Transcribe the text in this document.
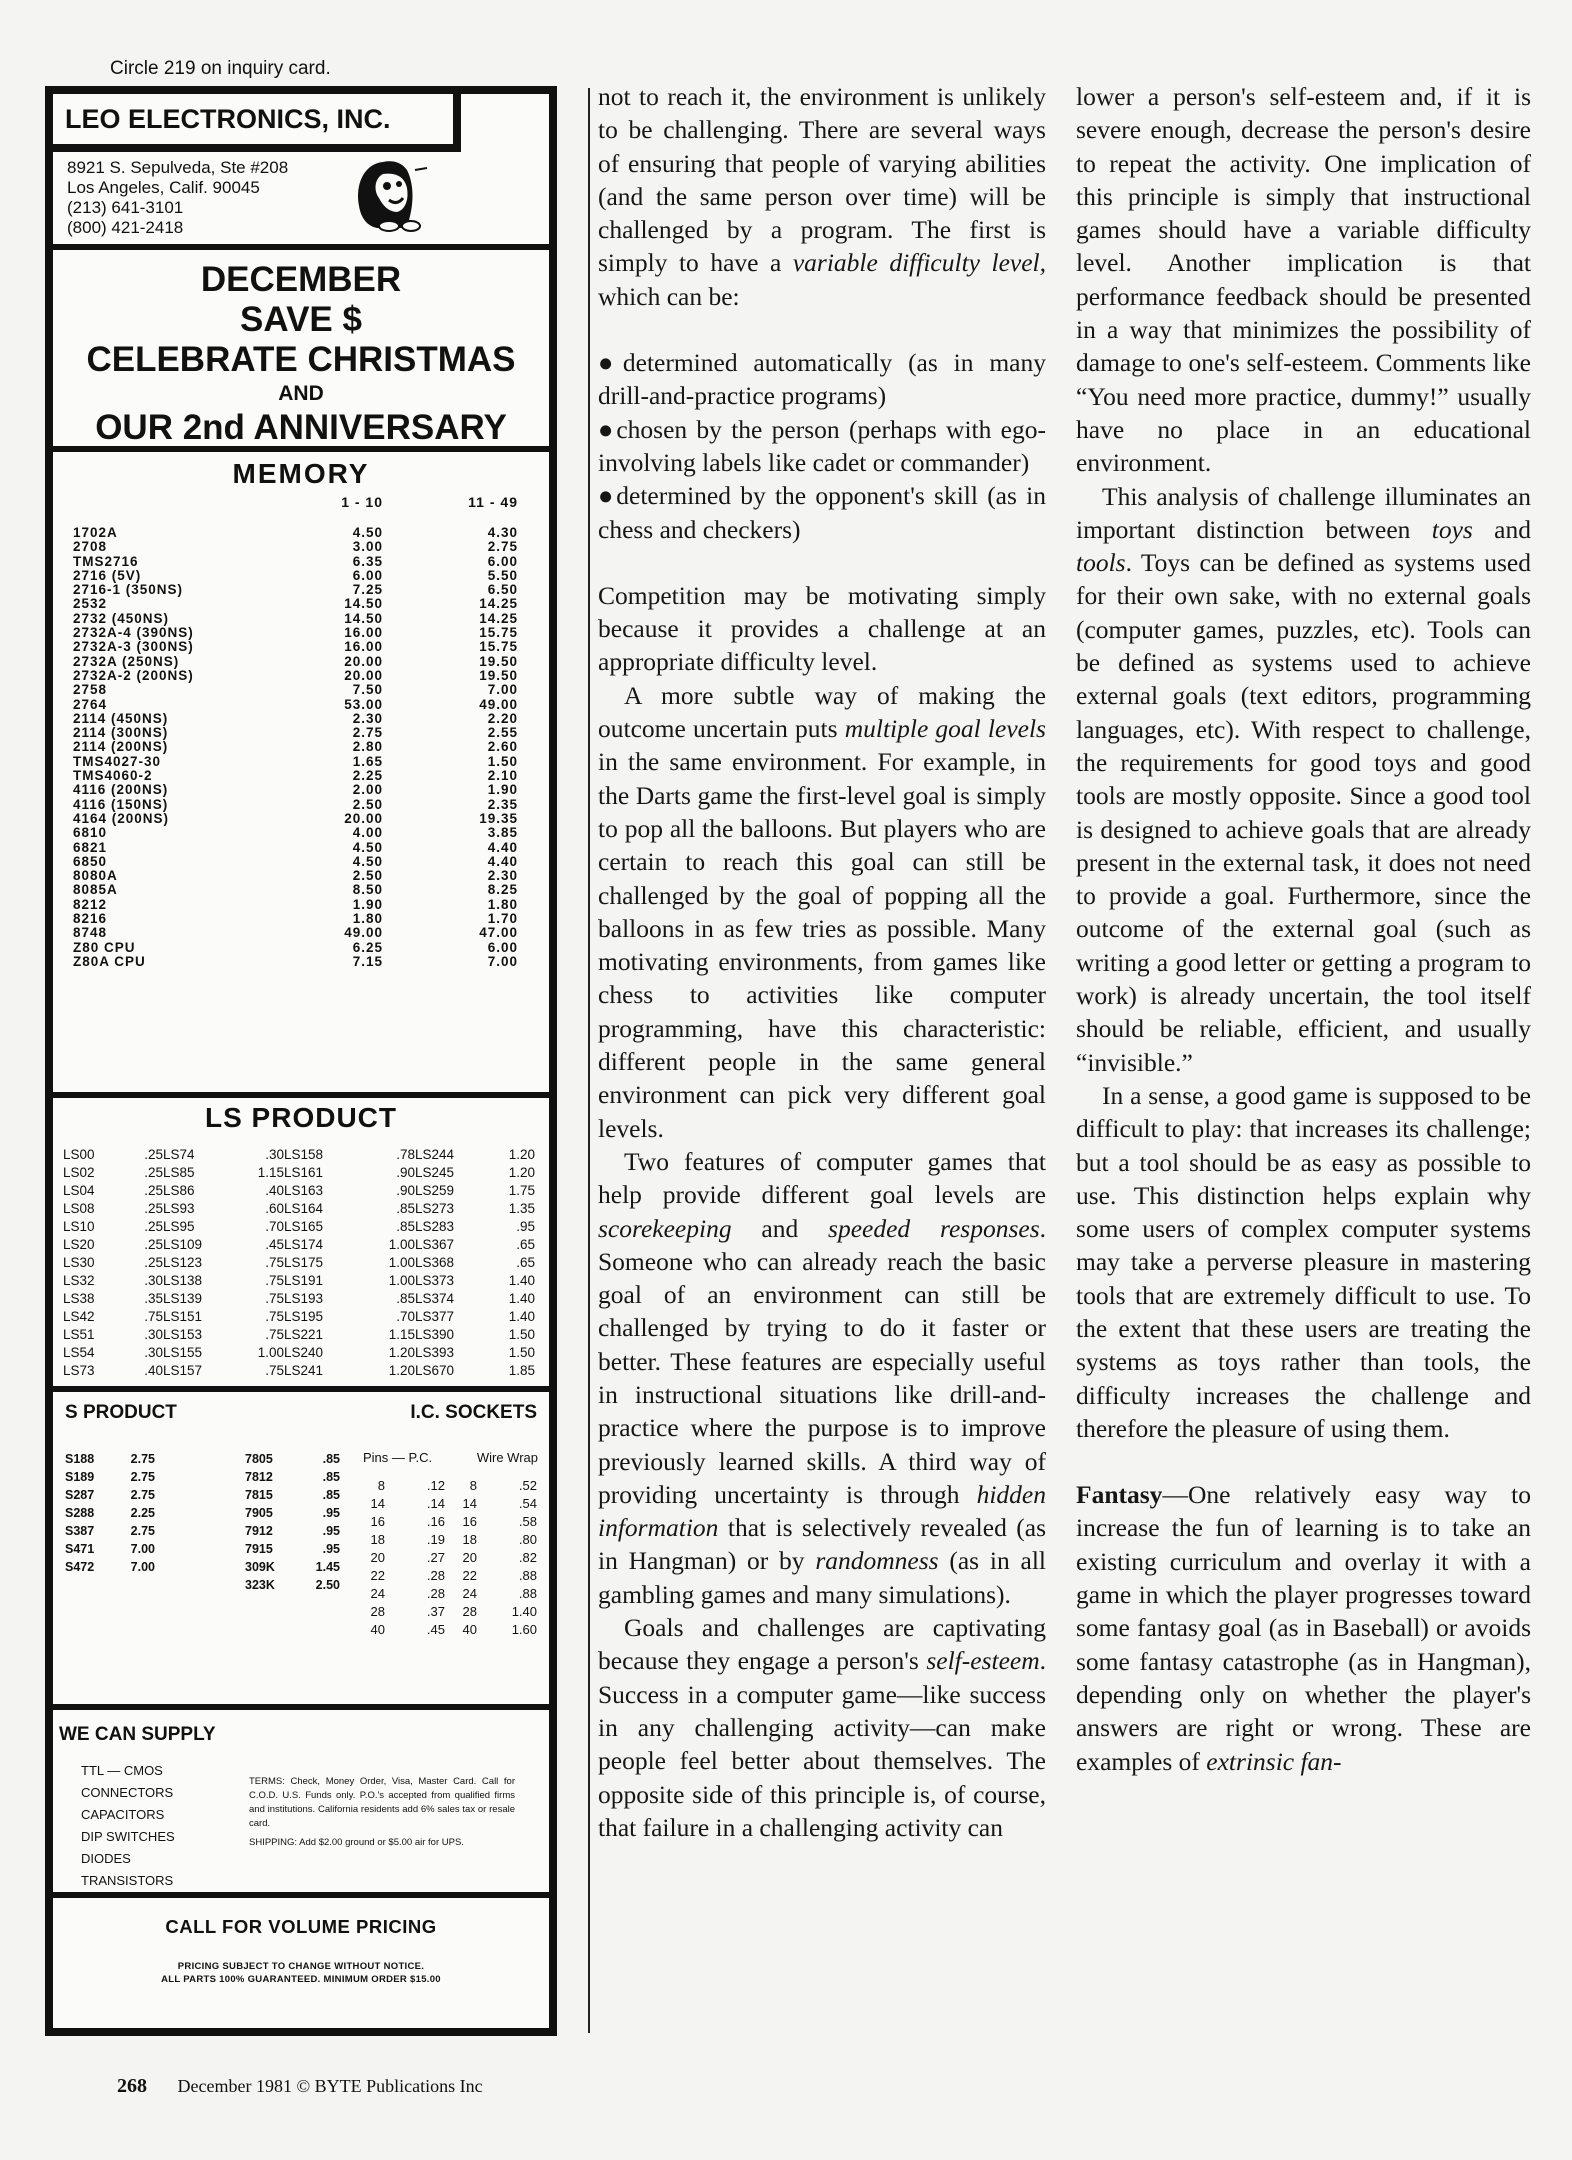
Circle 219 on inquiry card.
LEO ELECTRONICS, INC.
8921 S. Sepulveda, Ste #208
Los Angeles, Calif. 90045
(213) 641-3101
(800) 421-2418
DECEMBER
SAVE $
CELEBRATE CHRISTMAS
AND
OUR 2nd ANNIVERSARY
MEMORY
1 - 10	11 - 49
1702A	4.50	4.30
2708	3.00	2.75
TMS2716	6.35	6.00
2716 (5V)	6.00	5.50
2716-1 (350NS)	7.25	6.50
2532	14.50	14.25
2732 (450NS)	14.50	14.25
2732A-4 (390NS)	16.00	15.75
2732A-3 (300NS)	16.00	15.75
2732A (250NS)	20.00	19.50
2732A-2 (200NS)	20.00	19.50
2758	7.50	7.00
2764	53.00	49.00
2114 (450NS)	2.30	2.20
2114 (300NS)	2.75	2.55
2114 (200NS)	2.80	2.60
TMS4027-30	1.65	1.50
TMS4060-2	2.25	2.10
4116 (200NS)	2.00	1.90
4116 (150NS)	2.50	2.35
4164 (200NS)	20.00	19.35
6810	4.00	3.85
6821	4.50	4.40
6850	4.50	4.40
8080A	2.50	2.30
8085A	8.50	8.25
8212	1.90	1.80
8216	1.80	1.70
8748	49.00	47.00
Z80 CPU	6.25	6.00
Z80A CPU	7.15	7.00
LS PRODUCT
LS00	.25 LS74	.30 LS158	.78 LS244	1.20
LS02	.25 LS85	1.15 LS161	.90 LS245	1.20
LS04	.25 LS86	.40 LS163	.90 LS259	1.75
LS08	.25 LS93	.60 LS164	.85 LS273	1.35
LS10	.25 LS95	.70 LS165	.85 LS283	.95
LS20	.25 LS109	.45 LS174	1.00 LS367	.65
LS30	.25 LS123	.75 LS175	1.00 LS368	.65
LS32	.30 LS138	.75 LS191	1.00 LS373	1.40
LS38	.35 LS139	.75 LS193	.85 LS374	1.40
LS42	.75 LS151	.75 LS195	.70 LS377	1.40
LS51	.30 LS153	.75 LS221	1.15 LS390	1.50
LS54	.30 LS155	1.00 LS240	1.20 LS393	1.50
LS73	.40 LS157	.75 LS241	1.20 LS670	1.85
S PRODUCT	I.C. SOCKETS
S188	2.75	7805	.85
S189	2.75	7812	.85
S287	2.75	7815	.85
S288	2.25	7905	.95
S387	2.75	7912	.95
S471	7.00	7915	.95
S472	7.00	309K	1.45
323K	2.50
Pins — P.C.	Wire Wrap
8	.12	8	.52
14	.14	14	.54
16	.16	16	.58
18	.19	18	.80
20	.27	20	.82
22	.28	22	.88
24	.28	24	.88
28	.37	28	1.40
40	.45	40	1.60
WE CAN SUPPLY
TTL — CMOS
CONNECTORS
CAPACITORS
DIP SWITCHES
DIODES
TRANSISTORS

TERMS: Check, Money Order, Visa, Master Card. Call for C.O.D. U.S. Funds only. P.O.'s accepted from qualified firms and institutions. California residents add 6% sales tax or resale card.

SHIPPING: Add $2.00 ground or $5.00 air for UPS.

CALL FOR VOLUME PRICING
PRICING SUBJECT TO CHANGE WITHOUT NOTICE.
ALL PARTS 100% GUARANTEED. MINIMUM ORDER $15.00

not to reach it, the environment is unlikely to be challenging. There are several ways of ensuring that people of varying abilities (and the same person over time) will be challenged by a program. The first is simply to have a variable difficulty level, which can be:

●determined automatically (as in many drill-and-practice programs)

●chosen by the person (perhaps with ego-involving labels like cadet or commander)

●determined by the opponent's skill (as in chess and checkers)

Competition may be motivating simply because it provides a challenge at an appropriate difficulty level.

A more subtle way of making the outcome uncertain puts multiple goal levels in the same environment. For example, in the Darts game the first-level goal is simply to pop all the balloons. But players who are certain to reach this goal can still be challenged by the goal of popping all the balloons in as few tries as possible. Many motivating environments, from games like chess to activities like computer programming, have this characteristic: different people in the same general environment can pick very different goal levels.

Two features of computer games that help provide different goal levels are scorekeeping and speeded responses. Someone who can already reach the basic goal of an environment can still be challenged by trying to do it faster or better. These features are especially useful in instructional situations like drill-and-practice where the purpose is to improve previously learned skills. A third way of providing uncertainty is through hidden information that is selectively revealed (as in Hangman) or by randomness (as in all gambling games and many simulations).

Goals and challenges are captivating because they engage a person's self-esteem. Success in a computer game—like success in any challenging activity—can make people feel better about themselves. The opposite side of this principle is, of course, that failure in a challenging activity can

lower a person's self-esteem and, if it is severe enough, decrease the person's desire to repeat the activity. One implication of this principle is simply that instructional games should have a variable difficulty level. Another implication is that performance feedback should be presented in a way that minimizes the possibility of damage to one's self-esteem. Comments like “You need more practice, dummy!” usually have no place in an educational environment.

This analysis of challenge illuminates an important distinction between toys and tools. Toys can be defined as systems used for their own sake, with no external goals (computer games, puzzles, etc). Tools can be defined as systems used to achieve external goals (text editors, programming languages, etc). With respect to challenge, the requirements for good toys and good tools are mostly opposite. Since a good tool is designed to achieve goals that are already present in the external task, it does not need to provide a goal. Furthermore, since the outcome of the external goal (such as writing a good letter or getting a program to work) is already uncertain, the tool itself should be reliable, efficient, and usually “invisible.”

In a sense, a good game is supposed to be difficult to play: that increases its challenge; but a tool should be as easy as possible to use. This distinction helps explain why some users of complex computer systems may take a perverse pleasure in mastering tools that are extremely difficult to use. To the extent that these users are treating the systems as toys rather than tools, the difficulty increases the challenge and therefore the pleasure of using them.

Fantasy—One relatively easy way to increase the fun of learning is to take an existing curriculum and overlay it with a game in which the player progresses toward some fantasy goal (as in Baseball) or avoids some fantasy catastrophe (as in Hangman), depending only on whether the player's answers are right or wrong. These are examples of extrinsic fan-

268 December 1981 © BYTE Publications Inc
